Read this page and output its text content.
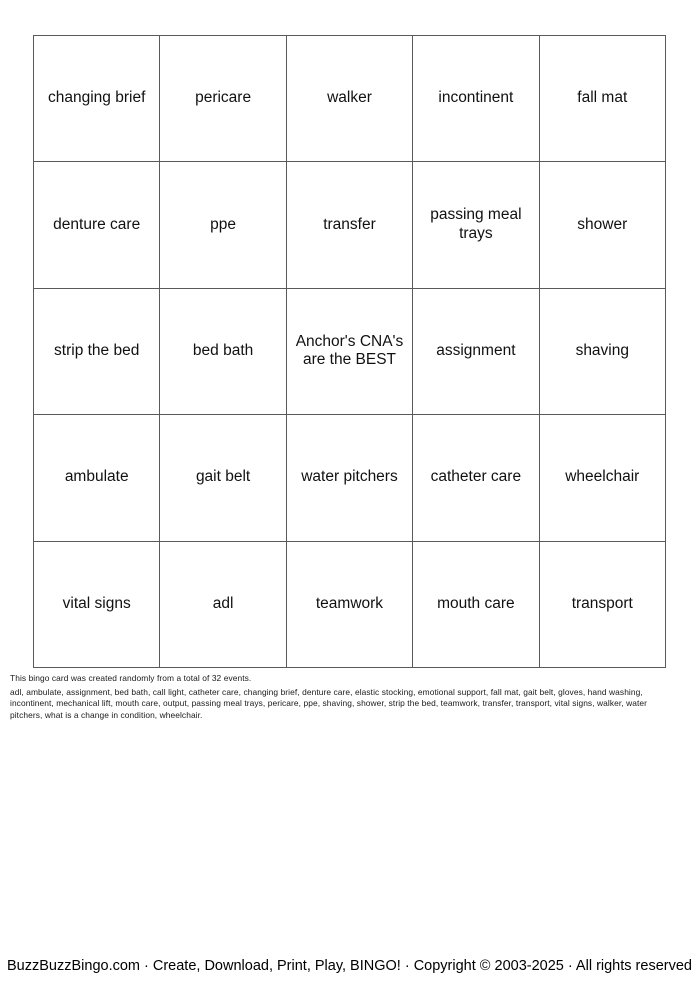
changing brief	pericare	walker	incontinent	fall mat
denture care	ppe	transfer	passing meal trays	shower
strip the bed	bed bath	Anchor's CNA's are the BEST	assignment	shaving
ambulate	gait belt	water pitchers	catheter care	wheelchair
vital signs	adl	teamwork	mouth care	transport
This bingo card was created randomly from a total of 32 events.
adl, ambulate, assignment, bed bath, call light, catheter care, changing brief, denture care, elastic stocking, emotional support, fall mat, gait belt, gloves, hand washing, incontinent, mechanical lift, mouth care, output, passing meal trays, pericare, ppe, shaving, shower, strip the bed, teamwork, transfer, transport, vital signs, walker, water pitchers, what is a change in condition, wheelchair.
BuzzBuzzBingo.com · Create, Download, Print, Play, BINGO! · Copyright © 2003-2025 · All rights reserved
